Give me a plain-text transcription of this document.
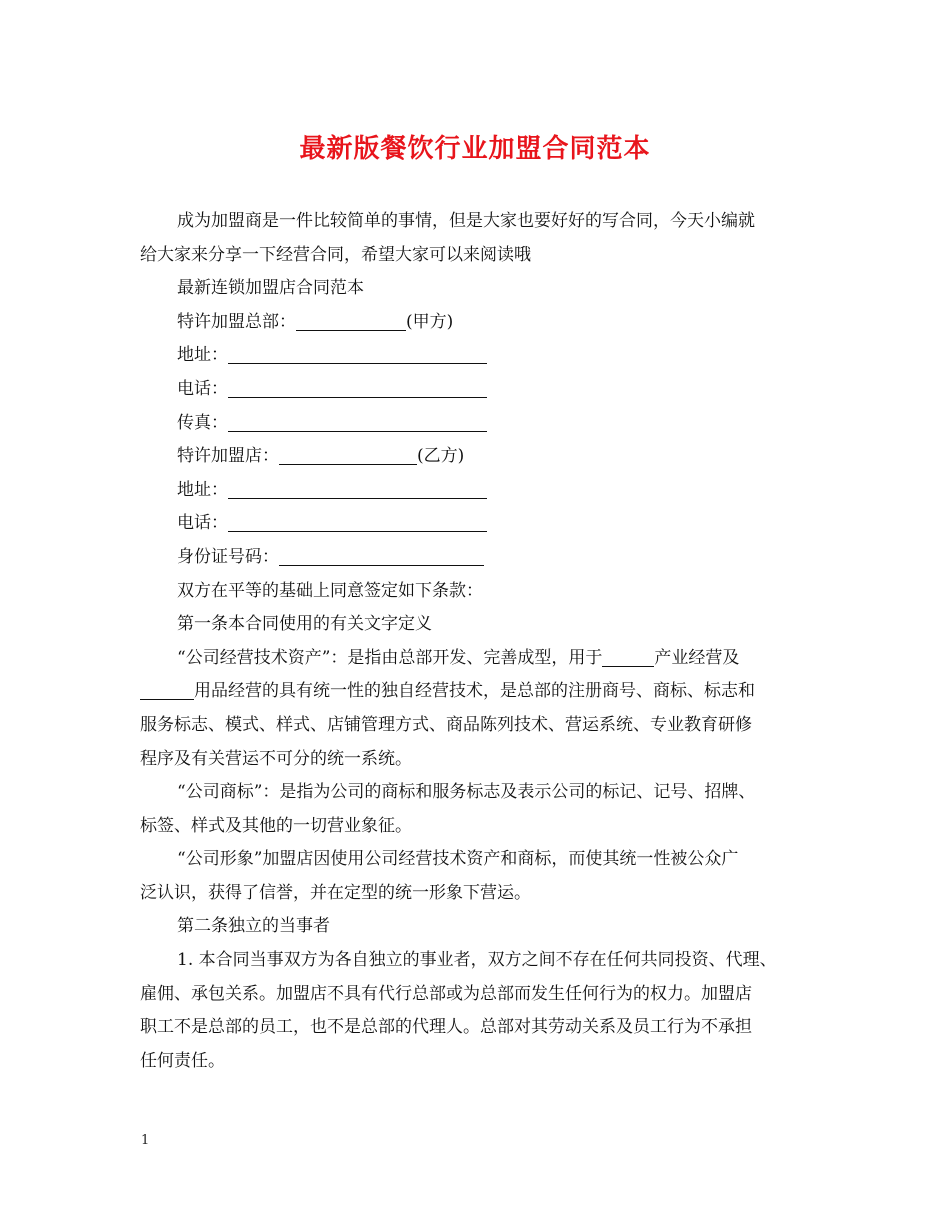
最新版餐饮行业加盟合同范本
成为加盟商是一件比较简单的事情，但是大家也要好好的写合同，今天小编就
给大家来分享一下经营合同，希望大家可以来阅读哦
最新连锁加盟店合同范本
特许加盟总部：	(甲方)
地址：
电话：
传真：
特许加盟店：	(乙方)
地址：
电话：
身份证号码：
双方在平等的基础上同意签定如下条款：
第一条本合同使用的有关文字定义
“公司经营技术资产”：是指由总部开发、完善成型，用于	产业经营及
用品经营的具有统一性的独自经营技术，是总部的注册商号、商标、标志和
服务标志、模式、样式、店铺管理方式、商品陈列技术、营运系统、专业教育研修
程序及有关营运不可分的统一系统。
“公司商标”：是指为公司的商标和服务标志及表示公司的标记、记号、招牌、
标签、样式及其他的一切营业象征。
“公司形象”加盟店因使用公司经营技术资产和商标，而使其统一性被公众广
泛认识，获得了信誉，并在定型的统一形象下营运。
第二条独立的当事者
1. 本合同当事双方为各自独立的事业者，双方之间不存在任何共同投资、代理、
雇佣、承包关系。加盟店不具有代行总部或为总部而发生任何行为的权力。加盟店
职工不是总部的员工，也不是总部的代理人。总部对其劳动关系及员工行为不承担
任何责任。
1
